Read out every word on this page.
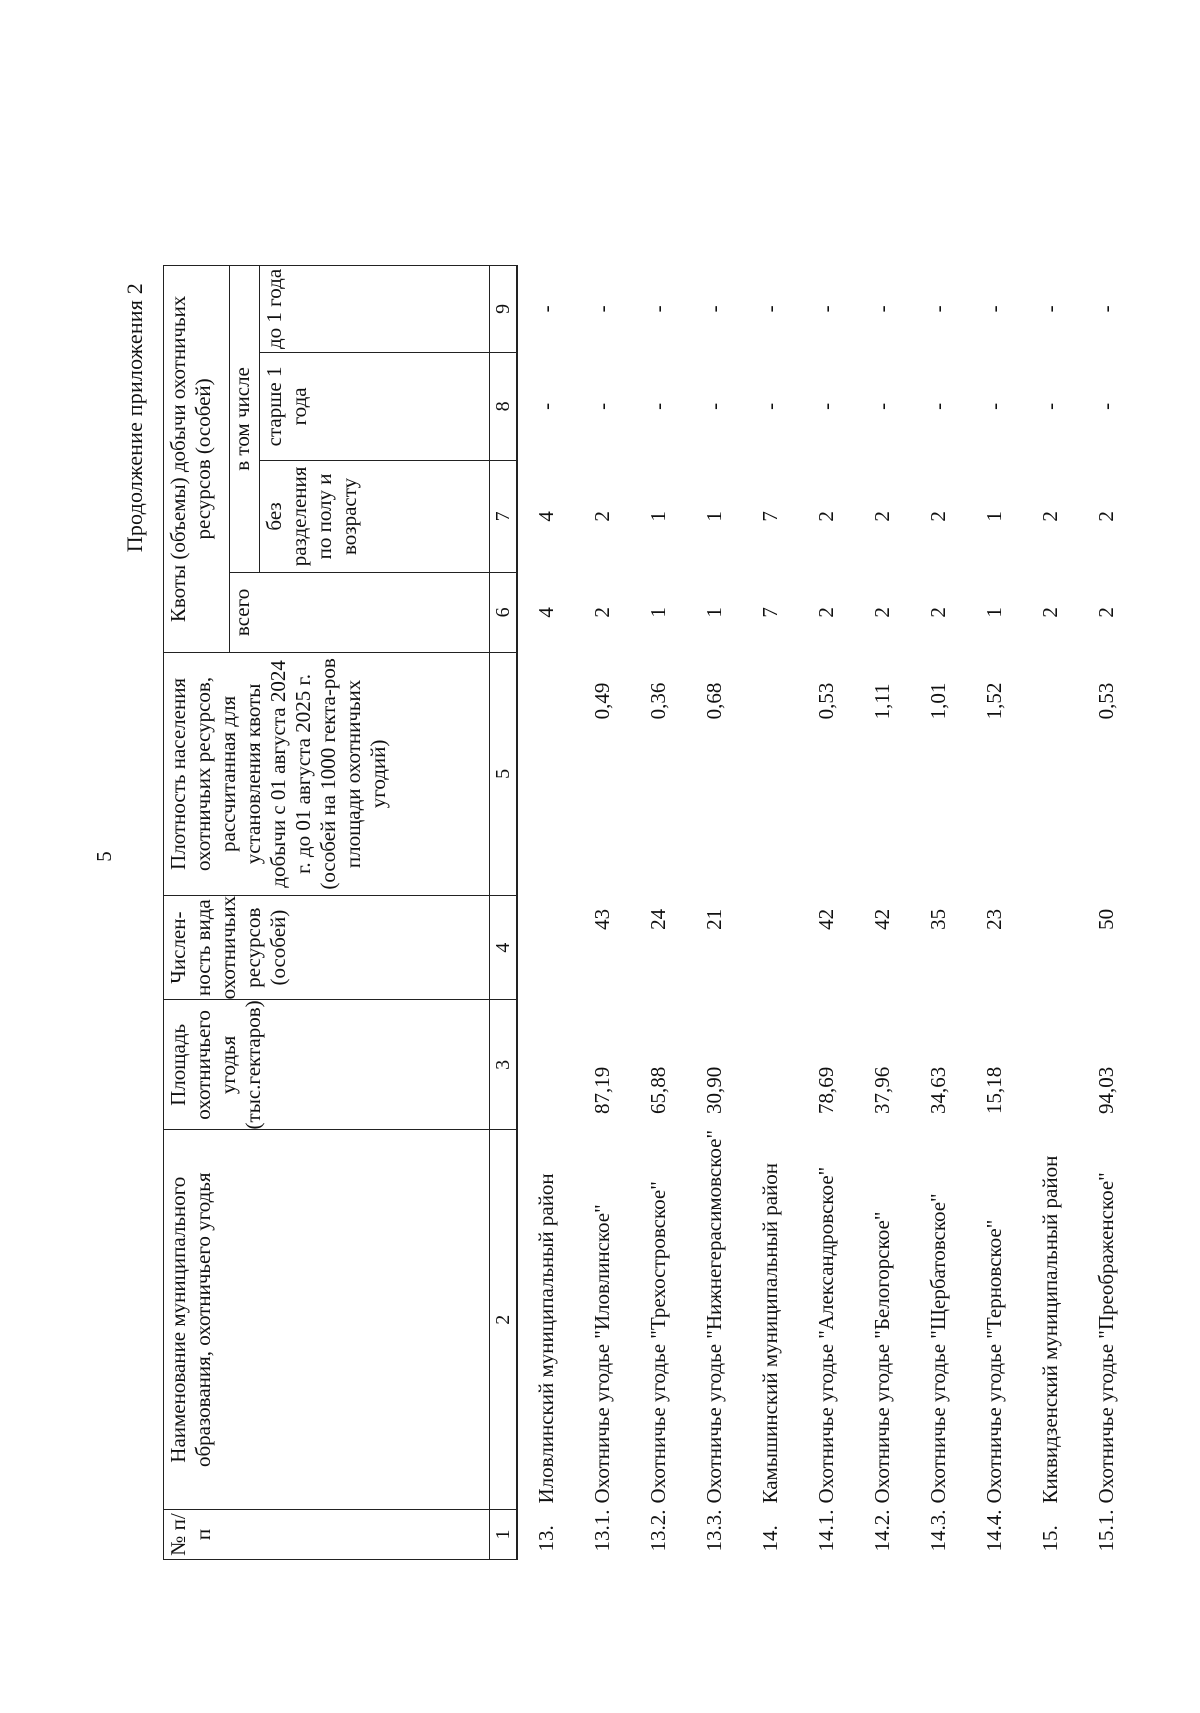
5
Продолжение приложения 2
№ п/п	Наименование муниципального образования, охотничьего угодья	Площадь охотничьего угодья (тыс.гектаров)	Числен-ность вида охотничьих ресурсов (особей)	Плотность населения охотничьих ресурсов, рассчитанная для установления квоты добычи с 01 августа 2024 г. до 01 августа 2025 г. (особей на 1000 гекта-ров площади охотничьих угодий)	Квоты (объемы) добычи охотничьих ресурсов (особей)			
					всего	в том числе		
						без разделения по полу и возрасту	старше 1 года	до 1 года
1	2	3	4	5	6	7	8	9
13.	Иловлинский муниципальный район				4	4	-	-
13.1.	Охотничье угодье "Иловлинское"	87,19	43	0,49	2	2	-	-
13.2.	Охотничье угодье "Трехостровское"	65,88	24	0,36	1	1	-	-
13.3.	Охотничье угодье "Нижнегерасимовское"	30,90	21	0,68	1	1	-	-
14.	Камышинский муниципальный район				7	7	-	-
14.1.	Охотничье угодье "Александровское"	78,69	42	0,53	2	2	-	-
14.2.	Охотничье угодье "Белогорское"	37,96	42	1,11	2	2	-	-
14.3.	Охотничье угодье "Щербатовское"	34,63	35	1,01	2	2	-	-
14.4.	Охотничье угодье "Терновское"	15,18	23	1,52	1	1	-	-
15.	Киквидзенский муниципальный район				2	2	-	-
15.1.	Охотничье угодье "Преображенское"	94,03	50	0,53	2	2	-	-
